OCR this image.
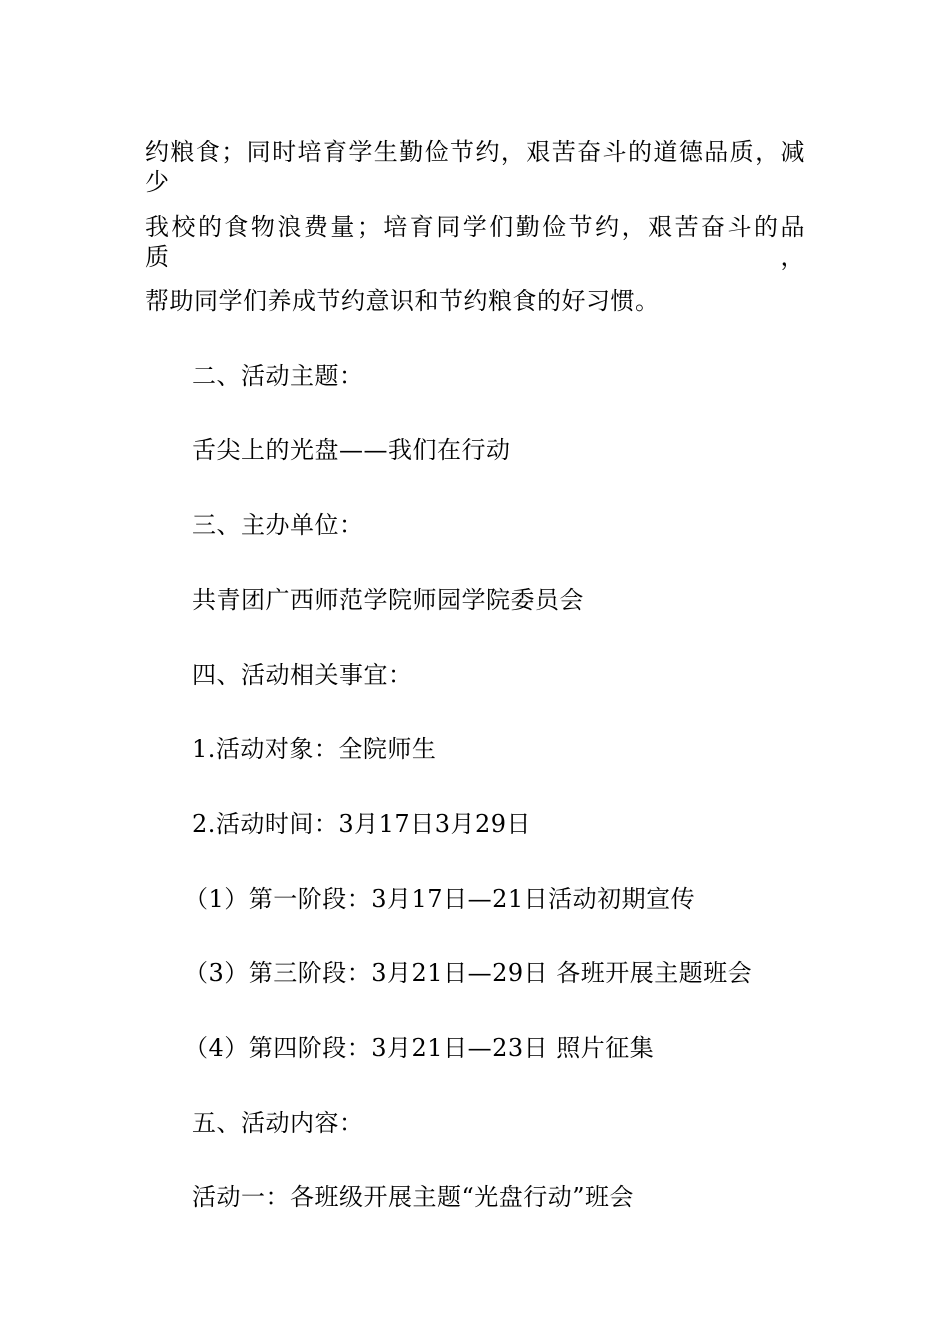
约粮食；同时培育学生勤俭节约，艰苦奋斗的道德品质，减少
我校的食物浪费量；培育同学们勤俭节约，艰苦奋斗的品质，
帮助同学们养成节约意识和节约粮食的好习惯。
二、活动主题：
舌尖上的光盘——我们在行动
三、主办单位：
共青团广西师范学院师园学院委员会
四、活动相关事宜：
1.活动对象：全院师生
2.活动时间：3月17日3月29日
（1）第一阶段：3月17日—21日活动初期宣传
（3）第三阶段：3月21日—29日 各班开展主题班会
（4）第四阶段：3月21日—23日 照片征集
五、活动内容：
活动一：各班级开展主题“光盘行动”班会
